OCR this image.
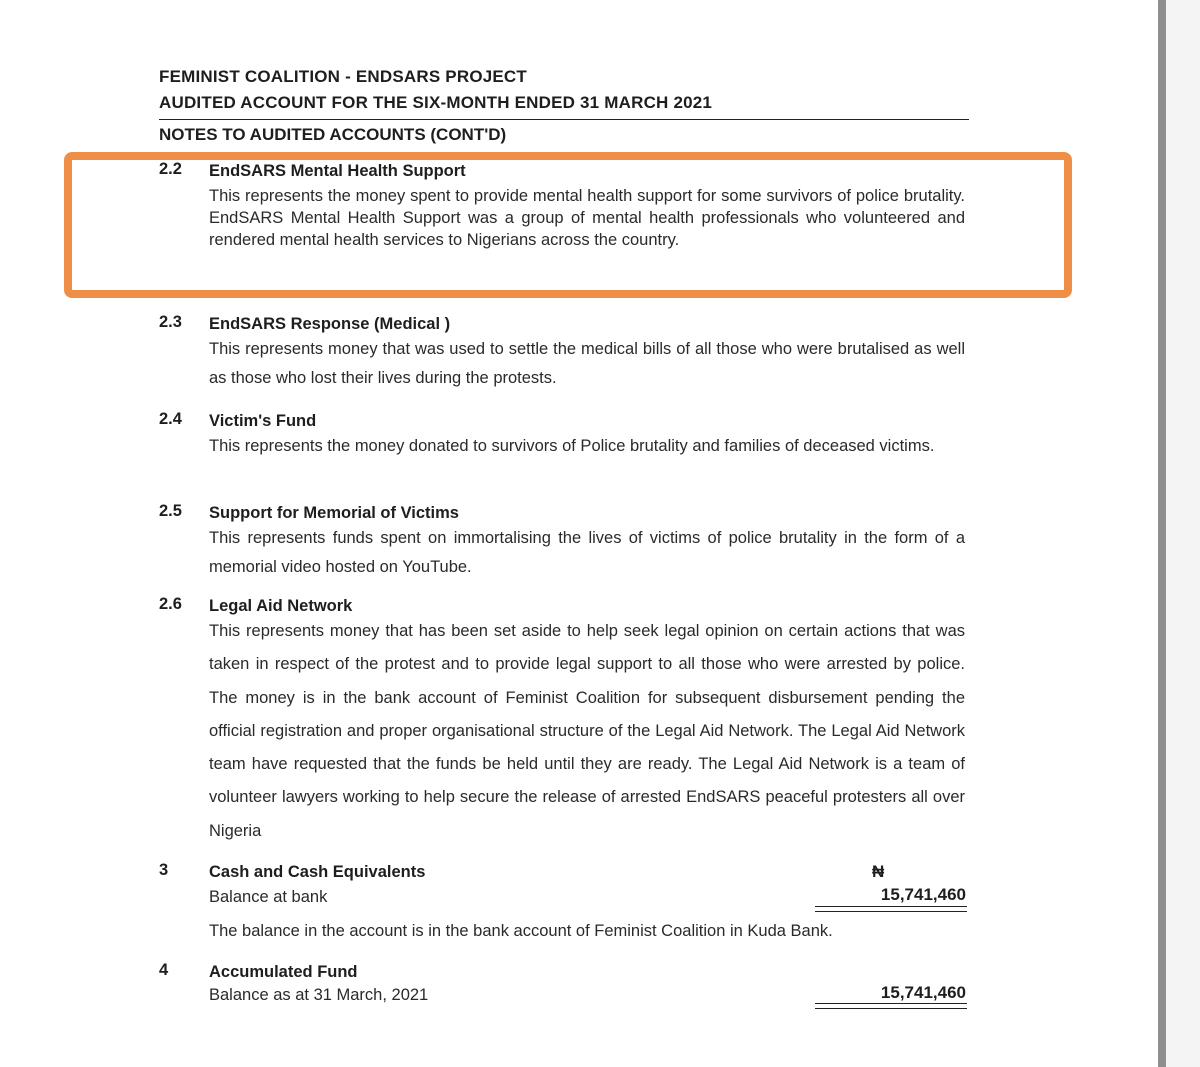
FEMINIST COALITION - ENDSARS PROJECT
AUDITED ACCOUNT FOR THE SIX-MONTH ENDED 31 MARCH 2021
NOTES TO AUDITED ACCOUNTS (CONT'D)
2.2 EndSARS Mental Health Support
This represents the money spent to provide mental health support for some survivors of police brutality. EndSARS Mental Health Support was a group of mental health professionals who volunteered and rendered mental health services to Nigerians across the country.
2.3 EndSARS Response (Medical )
This represents money that was used to settle the medical bills of all those who were brutalised as well as those who lost their lives during the protests.
2.4 Victim's Fund
This represents the money donated to survivors of Police brutality and families of deceased victims.
2.5 Support for Memorial of Victims
This represents funds spent on immortalising the lives of victims of police brutality in the form of a memorial video hosted on YouTube.
2.6 Legal Aid Network
This represents money that has been set aside to help seek legal opinion on certain actions that was taken in respect of the protest and to provide legal support to all those who were arrested by police. The money is in the bank account of Feminist Coalition for subsequent disbursement pending the official registration and proper organisational structure of the Legal Aid Network. The Legal Aid Network team have requested that the funds be held until they are ready. The Legal Aid Network is a team of volunteer lawyers working to help secure the release of arrested EndSARS peaceful protesters all over Nigeria
3 Cash and Cash Equivalents
Balance at bank
The balance in the account is in the bank account of Feminist Coalition in Kuda Bank.
₦
15,741,460
4 Accumulated Fund
Balance as at 31 March, 2021	15,741,460
